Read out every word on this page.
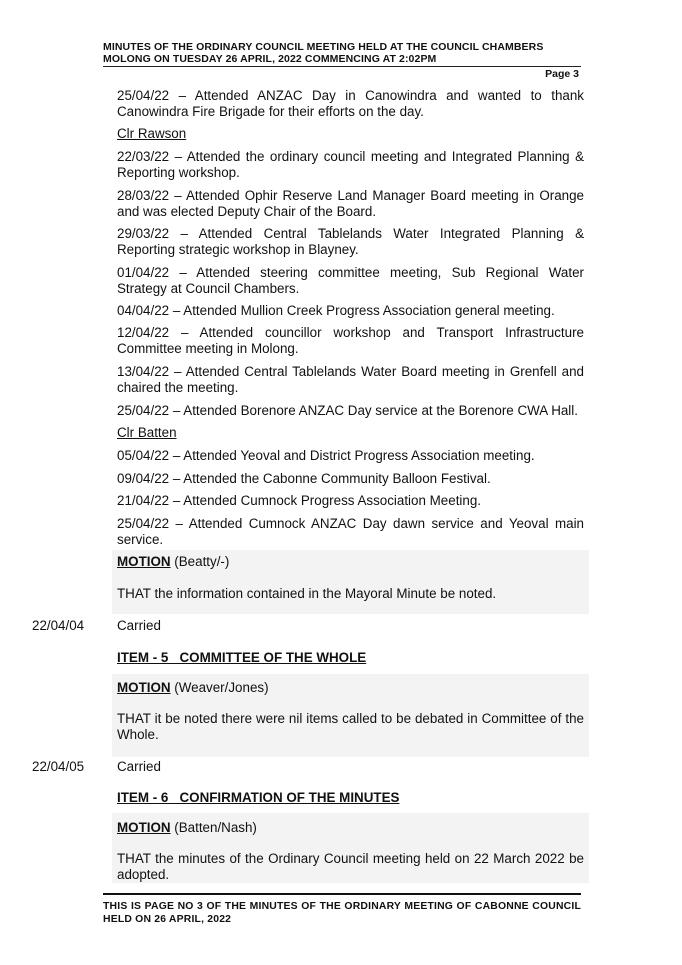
MINUTES OF THE ORDINARY COUNCIL MEETING HELD AT THE COUNCIL CHAMBERS
MOLONG ON TUESDAY 26 APRIL, 2022 COMMENCING AT 2:02PM
Page 3
25/04/22 – Attended ANZAC Day in Canowindra and wanted to thank Canowindra Fire Brigade for their efforts on the day.
Clr Rawson
22/03/22 – Attended the ordinary council meeting and Integrated Planning & Reporting workshop.
28/03/22 – Attended Ophir Reserve Land Manager Board meeting in Orange and was elected Deputy Chair of the Board.
29/03/22 – Attended Central Tablelands Water Integrated Planning & Reporting strategic workshop in Blayney.
01/04/22 – Attended steering committee meeting, Sub Regional Water Strategy at Council Chambers.
04/04/22 – Attended Mullion Creek Progress Association general meeting.
12/04/22 – Attended councillor workshop and Transport Infrastructure Committee meeting in Molong.
13/04/22 – Attended Central Tablelands Water Board meeting in Grenfell and chaired the meeting.
25/04/22 – Attended Borenore ANZAC Day service at the Borenore CWA Hall.
Clr Batten
05/04/22 – Attended Yeoval and District Progress Association meeting.
09/04/22 – Attended the Cabonne Community Balloon Festival.
21/04/22 – Attended Cumnock Progress Association Meeting.
25/04/22 – Attended Cumnock ANZAC Day dawn service and Yeoval main service.
MOTION (Beatty/-)
THAT the information contained in the Mayoral Minute be noted.
22/04/04 Carried
ITEM - 5   COMMITTEE OF THE WHOLE
MOTION (Weaver/Jones)
THAT it be noted there were nil items called to be debated in Committee of the Whole.
22/04/05 Carried
ITEM - 6   CONFIRMATION OF THE MINUTES
MOTION (Batten/Nash)
THAT the minutes of the Ordinary Council meeting held on 22 March 2022 be adopted.
THIS IS PAGE NO 3 OF THE MINUTES OF THE ORDINARY MEETING OF CABONNE COUNCIL HELD ON 26 APRIL, 2022
